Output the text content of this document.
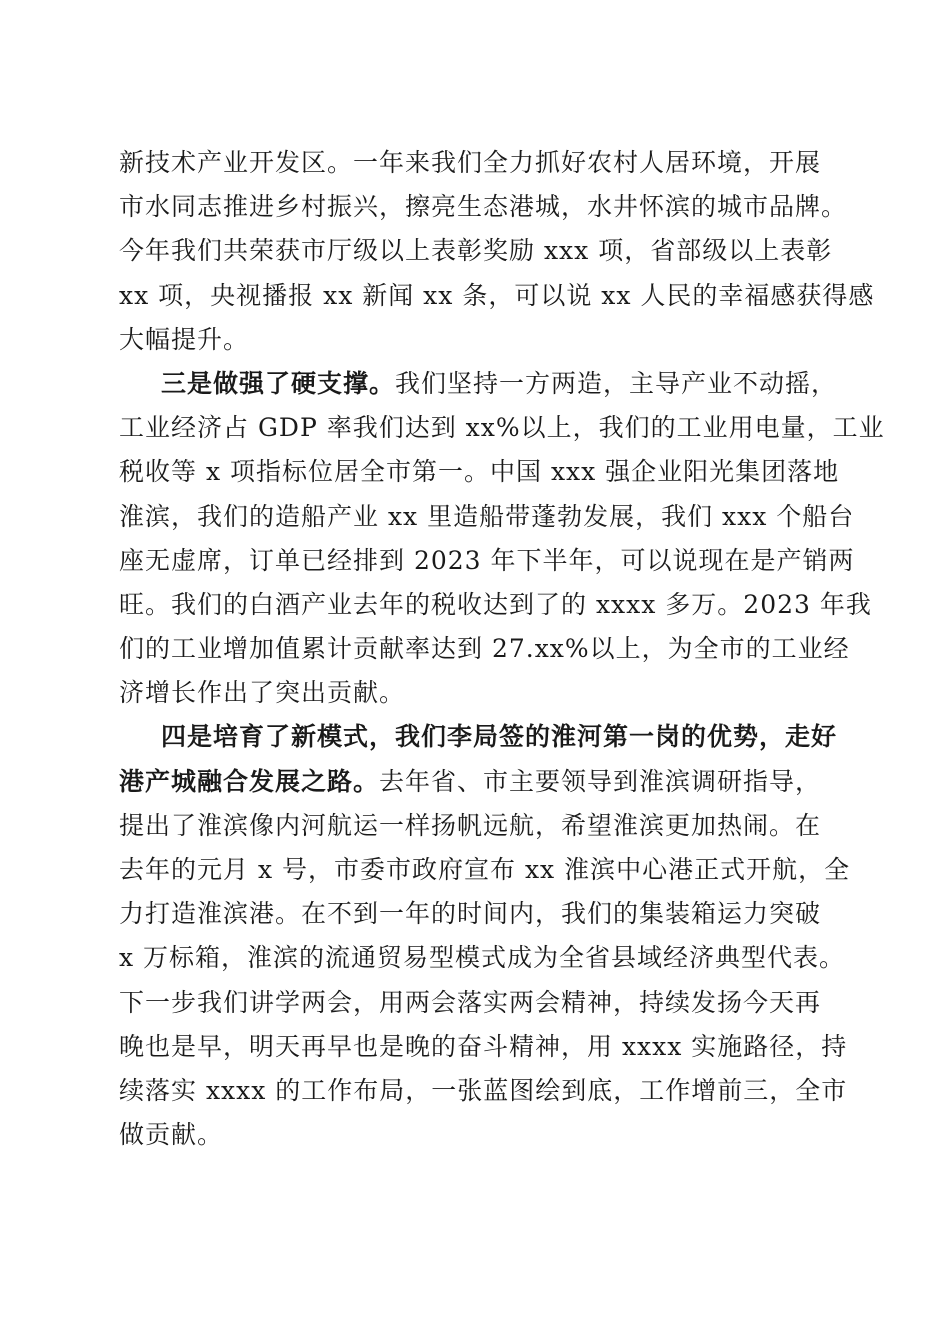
新技术产业开发区。一年来我们全力抓好农村人居环境，开展
市水同志推进乡村振兴，擦亮生态港城，水井怀滨的城市品牌。
今年我们共荣获市厅级以上表彰奖励 xxx 项，省部级以上表彰
xx 项，央视播报 xx 新闻 xx 条，可以说 xx 人民的幸福感获得感
大幅提升。
三是做强了硬支撑。我们坚持一方两造，主导产业不动摇，
工业经济占 GDP 率我们达到 xx%以上，我们的工业用电量，工业
税收等 x 项指标位居全市第一。中国 xxx 强企业阳光集团落地
淮滨，我们的造船产业 xx 里造船带蓬勃发展，我们 xxx 个船台
座无虚席，订单已经排到 2023 年下半年，可以说现在是产销两
旺。我们的白酒产业去年的税收达到了的 xxxx 多万。2023 年我
们的工业增加值累计贡献率达到 27.xx%以上，为全市的工业经
济增长作出了突出贡献。
四是培育了新模式，我们李局签的淮河第一岗的优势，走好
港产城融合发展之路。去年省、市主要领导到淮滨调研指导，
提出了淮滨像内河航运一样扬帆远航，希望淮滨更加热闹。在
去年的元月 x 号，市委市政府宣布 xx 淮滨中心港正式开航，全
力打造淮滨港。在不到一年的时间内，我们的集装箱运力突破
x 万标箱，淮滨的流通贸易型模式成为全省县域经济典型代表。
下一步我们讲学两会，用两会落实两会精神，持续发扬今天再
晚也是早，明天再早也是晚的奋斗精神，用 xxxx 实施路径，持
续落实 xxxx 的工作布局，一张蓝图绘到底，工作增前三，全市
做贡献。
